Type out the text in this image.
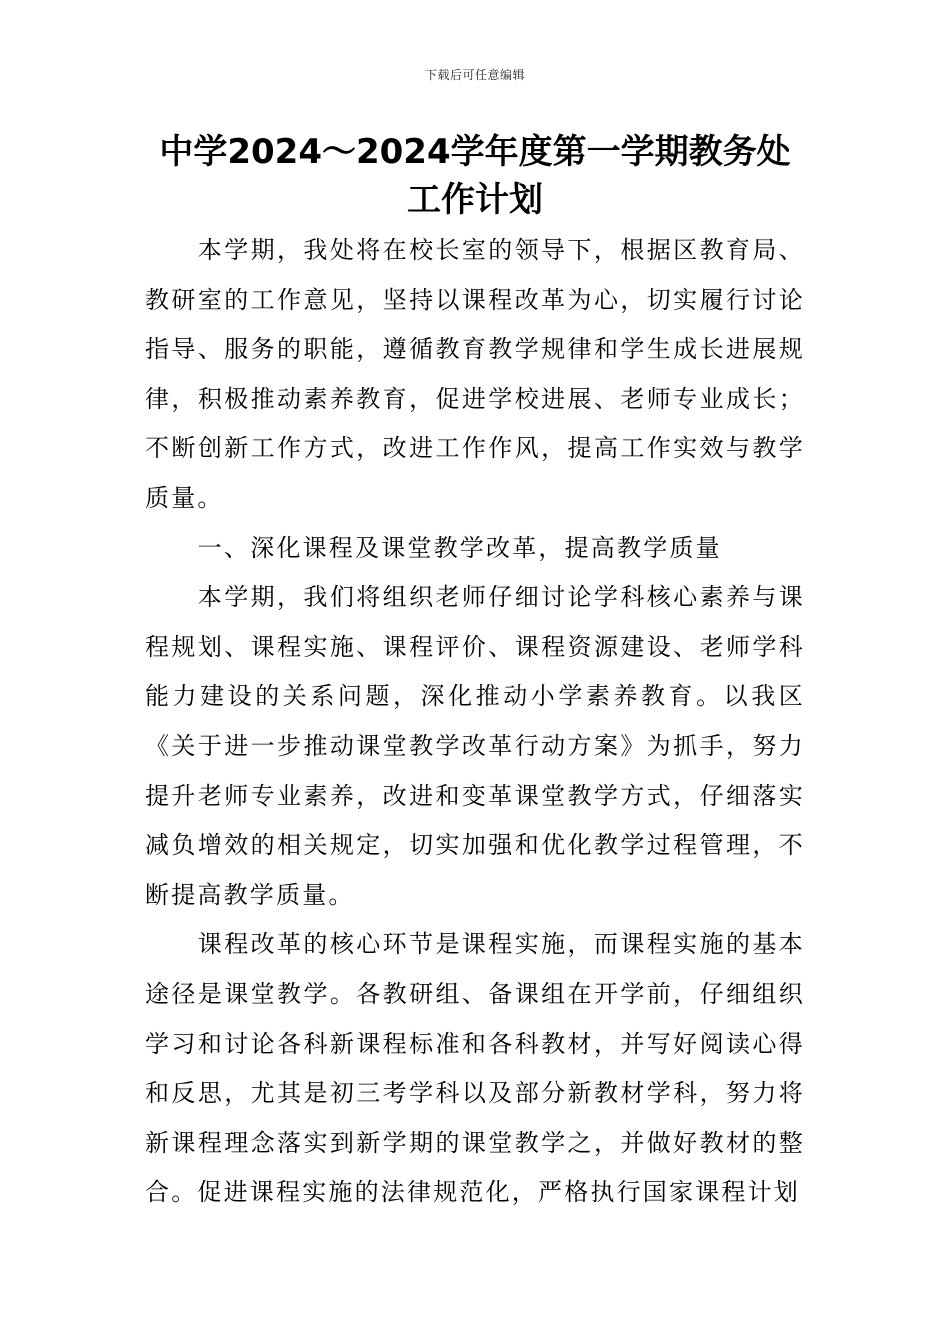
下载后可任意编辑
中学2024～2024学年度第一学期教务处工作计划

本学期，我处将在校长室的领导下，根据区教育局、教研室的工作意见，坚持以课程改革为心，切实履行讨论指导、服务的职能，遵循教育教学规律和学生成长进展规律，积极推动素养教育，促进学校进展、老师专业成长；不断创新工作方式，改进工作作风，提高工作实效与教学质量。

一、深化课程及课堂教学改革，提高教学质量

本学期，我们将组织老师仔细讨论学科核心素养与课程规划、课程实施、课程评价、课程资源建设、老师学科能力建设的关系问题，深化推动小学素养教育。以我区《关于进一步推动课堂教学改革行动方案》为抓手，努力提升老师专业素养，改进和变革课堂教学方式，仔细落实减负增效的相关规定，切实加强和优化教学过程管理，不断提高教学质量。

课程改革的核心环节是课程实施，而课程实施的基本途径是课堂教学。各教研组、备课组在开学前，仔细组织学习和讨论各科新课程标准和各科教材，并写好阅读心得和反思，尤其是初三考学科以及部分新教材学科，努力将新课程理念落实到新学期的课堂教学之，并做好教材的整合。促进课程实施的法律规范化，严格执行国家课程计划
